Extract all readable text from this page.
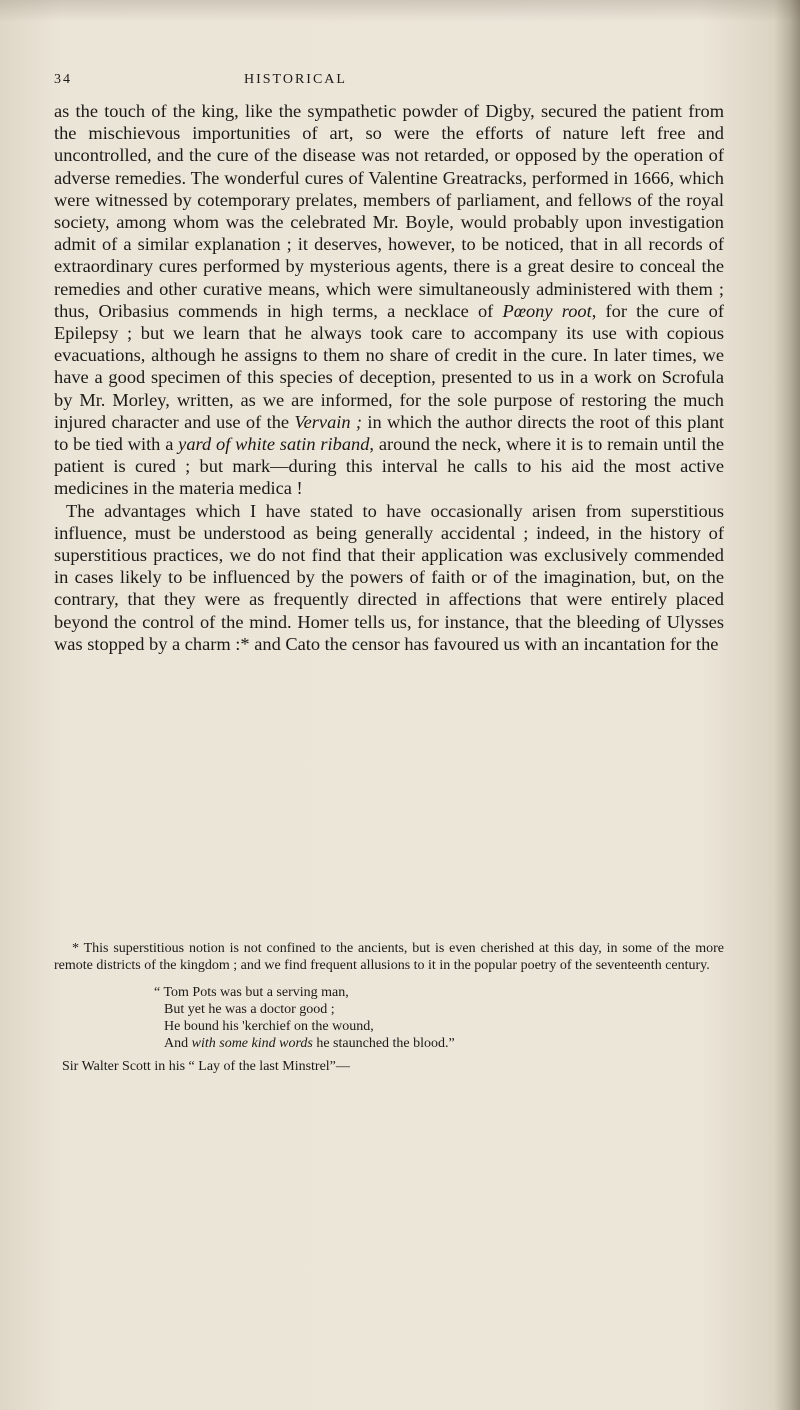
34	HISTORICAL

as the touch of the king, like the sympathetic powder of Digby, secured the patient from the mischievous importunities of art, so were the efforts of nature left free and uncontrolled, and the cure of the disease was not retarded, or opposed by the operation of adverse remedies. The wonderful cures of Valentine Greatracks, performed in 1666, which were witnessed by cotemporary prelates, members of parliament, and fellows of the royal society, among whom was the celebrated Mr. Boyle, would probably upon investigation admit of a similar explanation ; it deserves, however, to be noticed, that in all records of extraordinary cures performed by mysterious agents, there is a great desire to conceal the remedies and other curative means, which were simultaneously administered with them ; thus, Oribasius commends in high terms, a necklace of Pœony root, for the cure of Epilepsy ; but we learn that he always took care to accompany its use with copious evacuations, although he assigns to them no share of credit in the cure. In later times, we have a good specimen of this species of deception, presented to us in a work on Scrofula by Mr. Morley, written, as we are informed, for the sole purpose of restoring the much injured character and use of the Vervain ; in which the author directs the root of this plant to be tied with a yard of white satin riband, around the neck, where it is to remain until the patient is cured ; but mark—during this interval he calls to his aid the most active medicines in the materia medica !

The advantages which I have stated to have occasionally arisen from superstitious influence, must be understood as being generally accidental ; indeed, in the history of superstitious practices, we do not find that their application was exclusively commended in cases likely to be influenced by the powers of faith or of the imagination, but, on the contrary, that they were as frequently directed in affections that were entirely placed beyond the control of the mind. Homer tells us, for instance, that the bleeding of Ulysses was stopped by a charm :* and Cato the censor has favoured us with an incantation for the

* This superstitious notion is not confined to the ancients, but is even cherished at this day, in some of the more remote districts of the kingdom ; and we find frequent allusions to it in the popular poetry of the seventeenth century.

“ Tom Pots was but a serving man,
But yet he was a doctor good ;
He bound his 'kerchief on the wound,
And with some kind words he staunched the blood.”

Sir Walter Scott in his “ Lay of the last Minstrel”—
